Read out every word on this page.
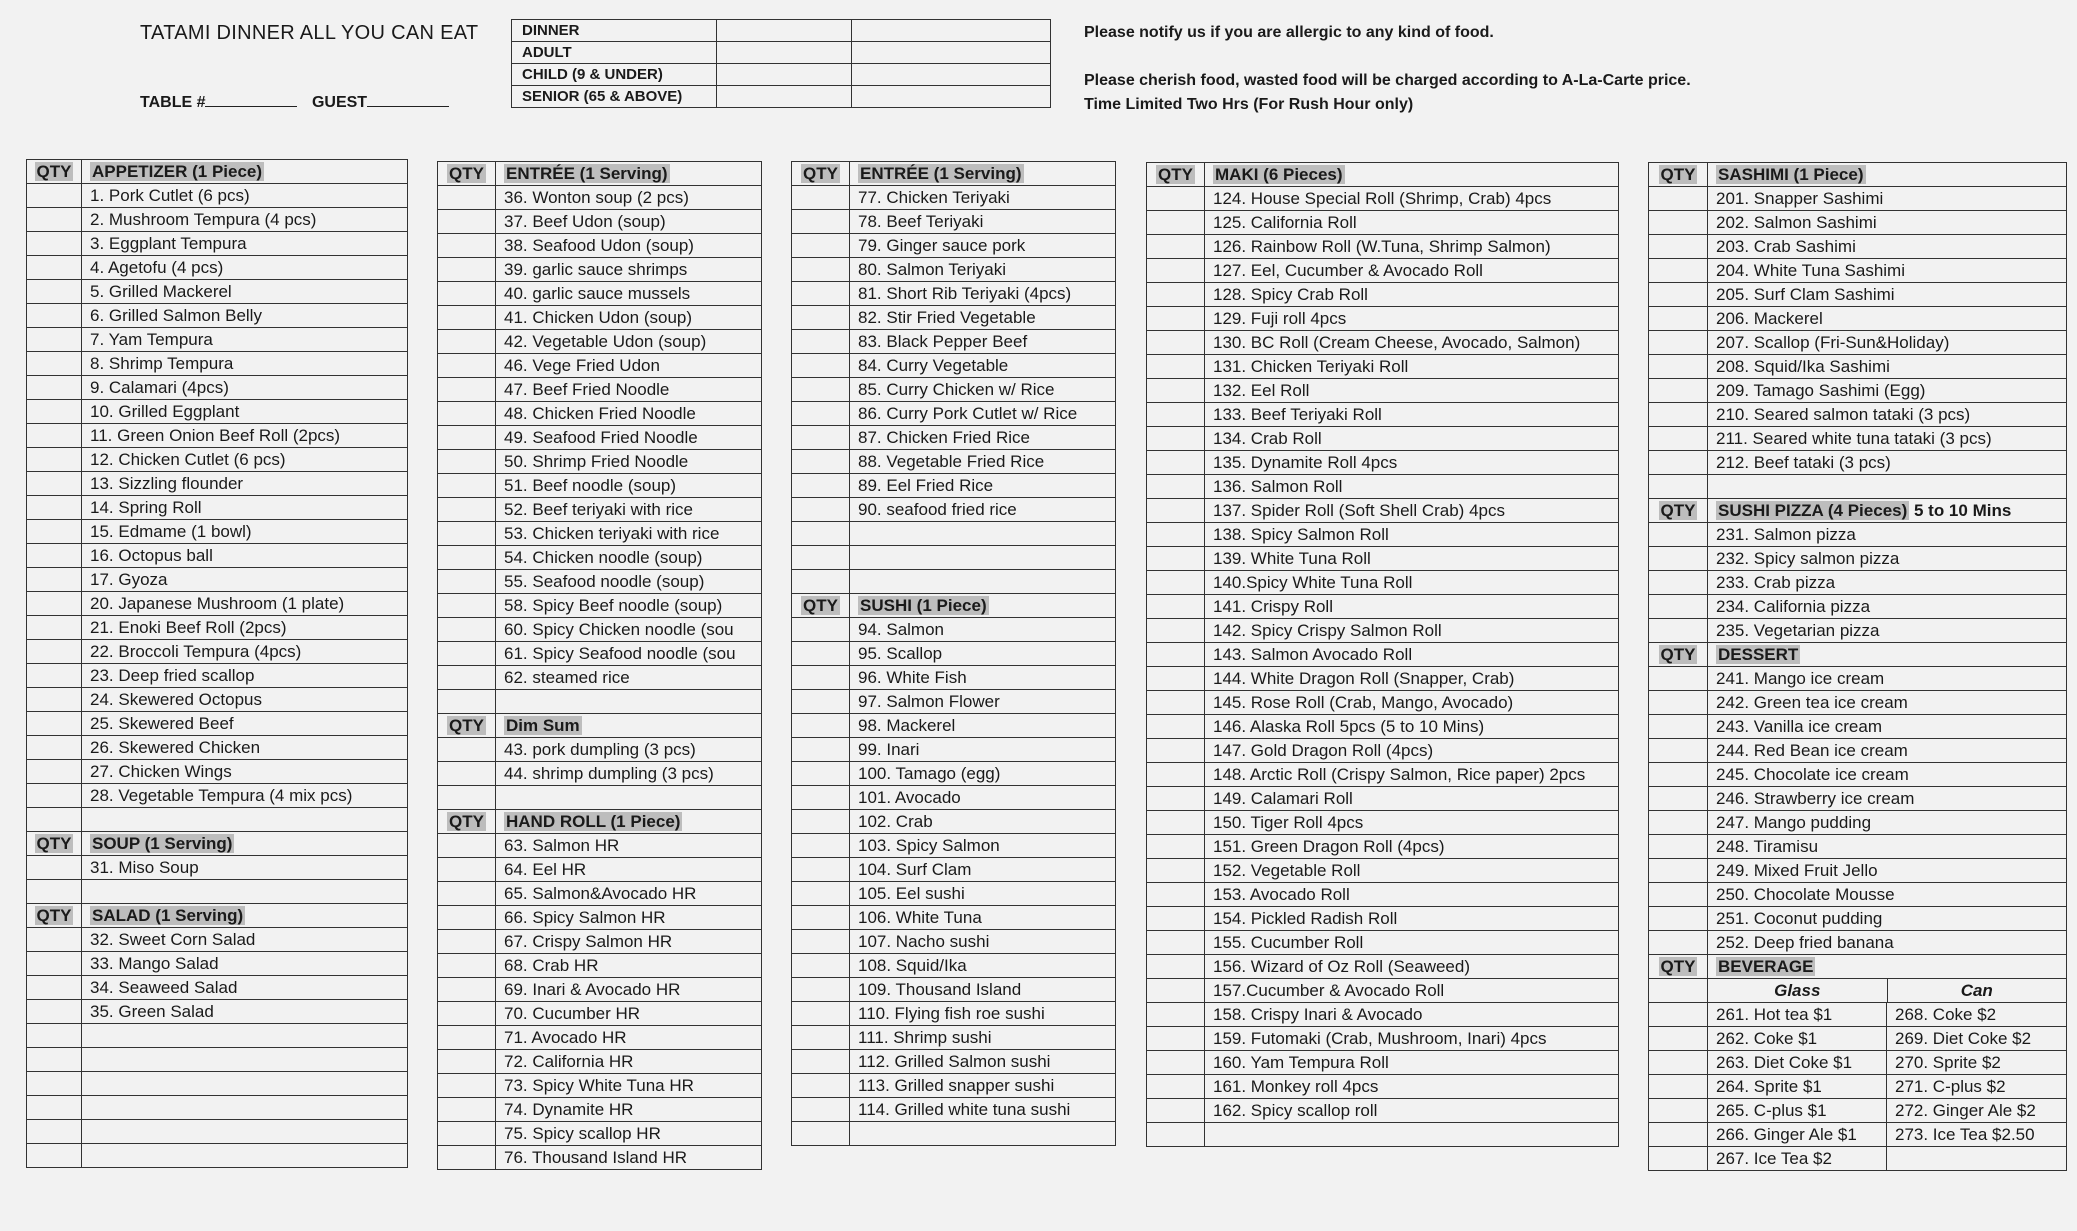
TATAMI DINNER ALL YOU CAN EAT
TABLE #	GUEST
DINNER		
ADULT		
CHILD (9 & UNDER)		
SENIOR (65 & ABOVE)		
Please notify us if you are allergic to any kind of food.
Please cherish food, wasted food will be charged according to A-La-Carte price.
Time Limited Two Hrs (For Rush Hour only)
QTY	APPETIZER (1 Piece)
	1. Pork Cutlet (6 pcs)
	2. Mushroom Tempura (4 pcs)
	3. Eggplant Tempura
	4. Agetofu (4 pcs)
	5. Grilled Mackerel
	6. Grilled Salmon Belly
	7. Yam Tempura
	8. Shrimp Tempura
	9. Calamari (4pcs)
	10. Grilled Eggplant
	11. Green Onion Beef Roll (2pcs)
	12. Chicken Cutlet (6 pcs)
	13. Sizzling flounder
	14. Spring Roll
	15. Edmame (1 bowl)
	16. Octopus ball
	17. Gyoza
	20. Japanese Mushroom (1 plate)
	21. Enoki Beef Roll (2pcs)
	22. Broccoli Tempura (4pcs)
	23. Deep fried scallop
	24. Skewered Octopus
	25. Skewered Beef
	26. Skewered Chicken
	27. Chicken Wings
	28. Vegetable Tempura (4 mix pcs)

QTY	SOUP (1 Serving)
	31. Miso Soup

QTY	SALAD (1 Serving)
	32. Sweet Corn Salad
	33. Mango Salad
	34. Seaweed Salad
	35. Green Salad

QTY	ENTRÉE (1 Serving)
	36. Wonton soup (2 pcs)
	37. Beef Udon (soup)
	38. Seafood Udon (soup)
	39. garlic sauce shrimps
	40. garlic sauce mussels
	41. Chicken Udon (soup)
	42. Vegetable Udon (soup)
	46. Vege Fried Udon
	47. Beef Fried Noodle
	48. Chicken Fried Noodle
	49. Seafood Fried Noodle
	50. Shrimp Fried Noodle
	51. Beef noodle (soup)
	52. Beef teriyaki with rice
	53. Chicken teriyaki with rice
	54. Chicken noodle (soup)
	55. Seafood noodle (soup)
	58. Spicy Beef noodle (soup)
	60. Spicy Chicken noodle (sou
	61. Spicy Seafood noodle (sou
	62. steamed rice

QTY	Dim Sum
	43. pork dumpling (3 pcs)
	44. shrimp dumpling (3 pcs)

QTY	HAND ROLL (1 Piece)
	63. Salmon HR
	64. Eel HR
	65. Salmon&Avocado HR
	66. Spicy Salmon HR
	67. Crispy Salmon HR
	68. Crab HR
	69. Inari & Avocado HR
	70. Cucumber HR
	71. Avocado HR
	72. California HR
	73. Spicy White Tuna HR
	74. Dynamite HR
	75. Spicy scallop HR
	76. Thousand Island HR
QTY	ENTRÉE (1 Serving)
	77. Chicken Teriyaki
	78. Beef Teriyaki
	79. Ginger sauce pork
	80. Salmon Teriyaki
	81. Short Rib Teriyaki (4pcs)
	82. Stir Fried Vegetable
	83. Black Pepper Beef
	84. Curry Vegetable
	85. Curry Chicken w/ Rice
	86. Curry Pork Cutlet w/ Rice
	87. Chicken Fried Rice
	88. Vegetable Fried Rice
	89. Eel Fried Rice
	90. seafood fried rice

QTY	SUSHI (1 Piece)
	94. Salmon
	95. Scallop
	96. White Fish
	97. Salmon Flower
	98. Mackerel
	99. Inari
	100. Tamago (egg)
	101. Avocado
	102. Crab
	103. Spicy Salmon
	104. Surf Clam
	105. Eel sushi
	106. White Tuna
	107. Nacho sushi
	108. Squid/Ika
	109. Thousand Island
	110. Flying fish roe sushi
	111. Shrimp sushi
	112. Grilled Salmon sushi
	113. Grilled snapper sushi
	114. Grilled white tuna sushi

QTY	MAKI (6 Pieces)
	124. House Special Roll (Shrimp, Crab) 4pcs
	125. California Roll
	126. Rainbow Roll (W.Tuna, Shrimp Salmon)
	127. Eel, Cucumber & Avocado Roll
	128. Spicy Crab Roll
	129. Fuji roll 4pcs
	130. BC Roll (Cream Cheese, Avocado, Salmon)
	131. Chicken Teriyaki Roll
	132. Eel Roll
	133. Beef Teriyaki Roll
	134. Crab Roll
	135. Dynamite Roll 4pcs
	136. Salmon Roll
	137. Spider Roll (Soft Shell Crab) 4pcs
	138. Spicy Salmon Roll
	139. White Tuna Roll
	140.Spicy White Tuna Roll
	141. Crispy Roll
	142. Spicy Crispy Salmon Roll
	143. Salmon Avocado Roll
	144. White Dragon Roll (Snapper, Crab)
	145. Rose Roll (Crab, Mango, Avocado)
	146. Alaska Roll 5pcs (5 to 10 Mins)
	147. Gold Dragon Roll (4pcs)
	148. Arctic Roll (Crispy Salmon, Rice paper) 2pcs
	149. Calamari Roll
	150. Tiger Roll 4pcs
	151. Green Dragon Roll (4pcs)
	152. Vegetable Roll
	153. Avocado Roll
	154. Pickled Radish Roll
	155. Cucumber Roll
	156. Wizard of Oz Roll (Seaweed)
	157.Cucumber & Avocado Roll
	158. Crispy Inari & Avocado
	159. Futomaki (Crab, Mushroom, Inari) 4pcs
	160. Yam Tempura Roll
	161. Monkey roll 4pcs
	162. Spicy scallop roll

QTY	SASHIMI (1 Piece)
	201. Snapper Sashimi
	202. Salmon Sashimi
	203. Crab Sashimi
	204. White Tuna Sashimi
	205. Surf Clam Sashimi
	206. Mackerel
	207. Scallop (Fri-Sun&Holiday)
	208. Squid/Ika Sashimi
	209. Tamago Sashimi (Egg)
	210. Seared salmon tataki (3 pcs)
	211. Seared white tuna tataki (3 pcs)
	212. Beef tataki (3 pcs)

QTY	SUSHI PIZZA (4 Pieces) 5 to 10 Mins
	231. Salmon pizza
	232. Spicy salmon pizza
	233. Crab pizza
	234. California pizza
	235. Vegetarian pizza
QTY	DESSERT
	241. Mango ice cream
	242. Green tea ice cream
	243. Vanilla ice cream
	244. Red Bean ice cream
	245. Chocolate ice cream
	246. Strawberry ice cream
	247. Mango pudding
	248. Tiramisu
	249. Mixed Fruit Jello
	250. Chocolate Mousse
	251. Coconut pudding
	252. Deep fried banana
QTY	BEVERAGE

	Glass Can

	261. Hot tea $1 268. Coke $2

	262. Coke $1 269. Diet Coke $2

	263. Diet Coke $1 270. Sprite $2

	264. Sprite $1 271. C-plus $2

	265. C-plus $1 272. Ginger Ale $2

	266. Ginger Ale $1 273. Ice Tea $2.50

	267. Ice Tea $2
